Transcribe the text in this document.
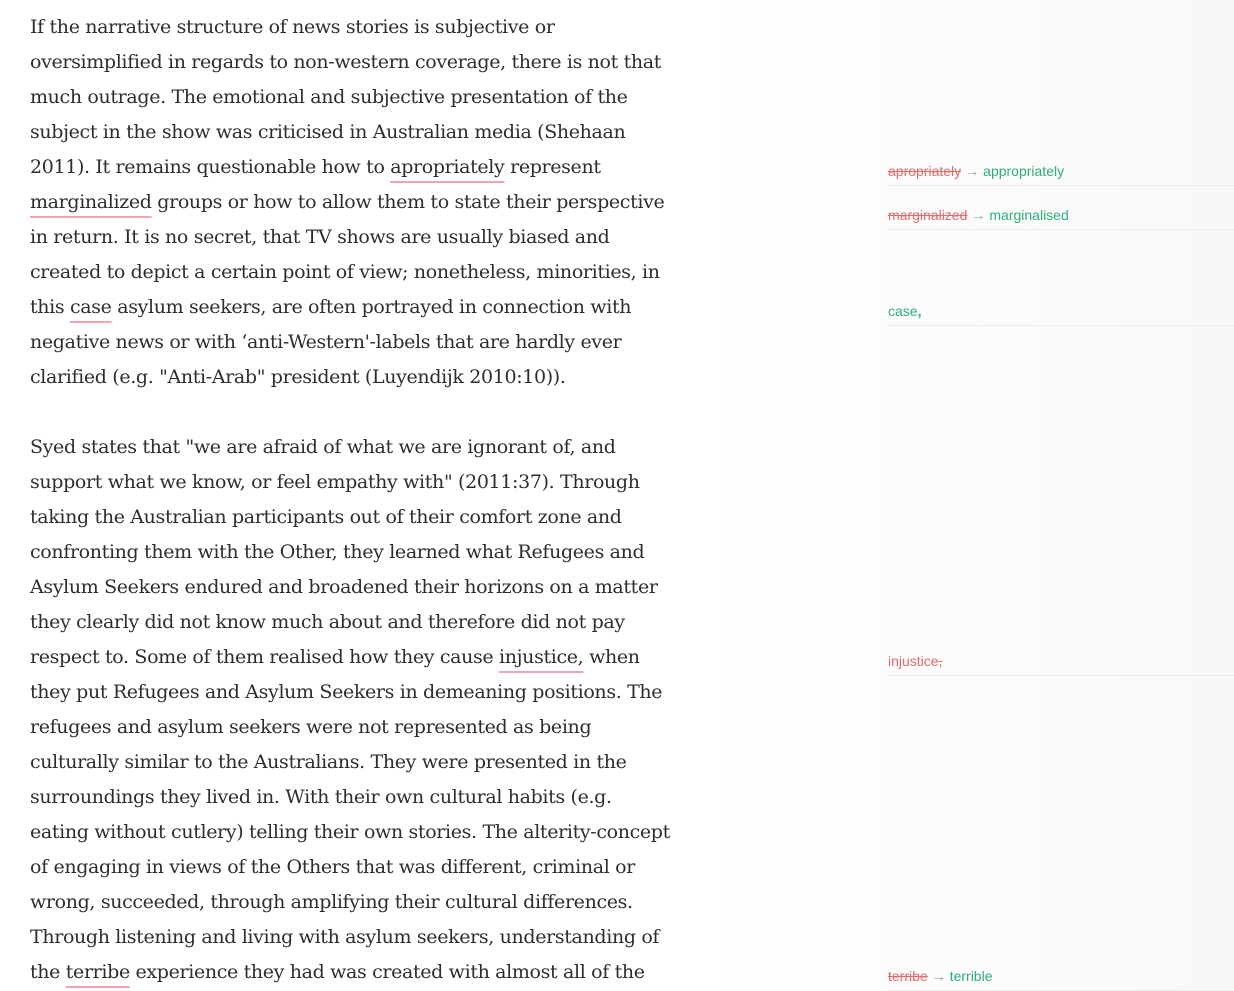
If the narrative structure of news stories is subjective or
oversimplified in regards to non-western coverage, there is not that
much outrage. The emotional and subjective presentation of the
subject in the show was criticised in Australian media (Shehaan
2011). It remains questionable how to apropriately represent
marginalized groups or how to allow them to state their perspective
in return. It is no secret, that TV shows are usually biased and
created to depict a certain point of view; nonetheless, minorities, in
this case asylum seekers, are often portrayed in connection with
negative news or with ‘anti-Western'-labels that are hardly ever
clarified (e.g. "Anti-Arab" president (Luyendijk 2010:10)).
Syed states that "we are afraid of what we are ignorant of, and
support what we know, or feel empathy with" (2011:37). Through
taking the Australian participants out of their comfort zone and
confronting them with the Other, they learned what Refugees and
Asylum Seekers endured and broadened their horizons on a matter
they clearly did not know much about and therefore did not pay
respect to. Some of them realised how they cause injustice, when
they put Refugees and Asylum Seekers in demeaning positions. The
refugees and asylum seekers were not represented as being
culturally similar to the Australians. They were presented in the
surroundings they lived in. With their own cultural habits (e.g.
eating without cutlery) telling their own stories. The alterity-concept
of engaging in views of the Others that was different, criminal or
wrong, succeeded, through amplifying their cultural differences.
Through listening and living with asylum seekers, understanding of
the terribe experience they had was created with almost all of the
apropriately → appropriately
marginalized → marginalised
case,
injustice,
terribe → terrible
